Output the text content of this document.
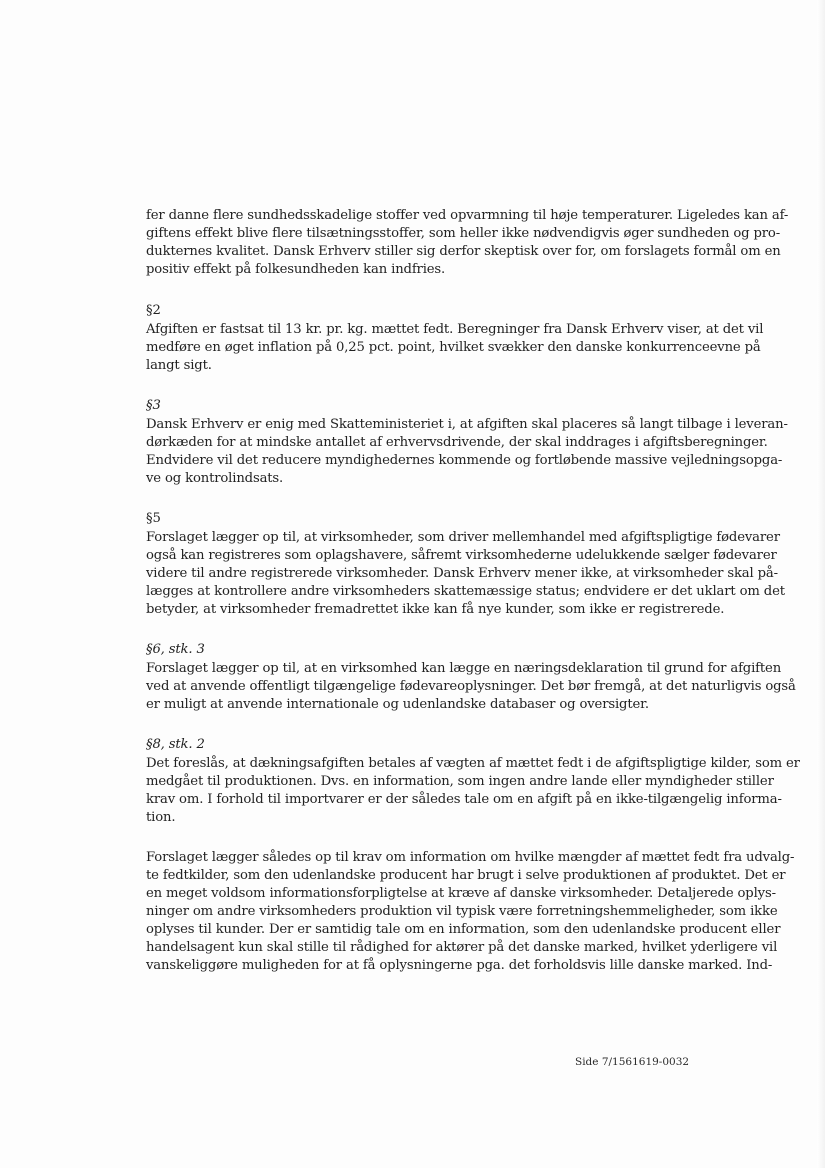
fer danne flere sundhedsskadelige stoffer ved opvarmning til høje temperaturer. Ligeledes kan af-
giftens effekt blive flere tilsætningsstoffer, som heller ikke nødvendigvis øger sundheden og pro-
dukternes kvalitet. Dansk Erhverv stiller sig derfor skeptisk over for, om forslagets formål om en
positiv effekt på folkesundheden kan indfries.
§2
Afgiften er fastsat til 13 kr. pr. kg. mættet fedt. Beregninger fra Dansk Erhverv viser, at det vil
medføre en øget inflation på 0,25 pct. point, hvilket svækker den danske konkurrenceevne på
langt sigt.
§3
Dansk Erhverv er enig med Skatteministeriet i, at afgiften skal placeres så langt tilbage i leveran-
dørkæden for at mindske antallet af erhvervsdrivende, der skal inddrages i afgiftsberegninger.
Endvidere vil det reducere myndighedernes kommende og fortløbende massive vejledningsopga-
ve og kontrolindsats.
§5
Forslaget lægger op til, at virksomheder, som driver mellemhandel med afgiftspligtige fødevarer
også kan registreres som oplagshavere, såfremt virksomhederne udelukkende sælger fødevarer
videre til andre registrerede virksomheder. Dansk Erhverv mener ikke, at virksomheder skal på-
lægges at kontrollere andre virksomheders skattemæssige status; endvidere er det uklart om det
betyder, at virksomheder fremadrettet ikke kan få nye kunder, som ikke er registrerede.
§6, stk. 3
Forslaget lægger op til, at en virksomhed kan lægge en næringsdeklaration til grund for afgiften
ved at anvende offentligt tilgængelige fødevareoplysninger. Det bør fremgå, at det naturligvis også
er muligt at anvende internationale og udenlandske databaser og oversigter.
§8, stk. 2
Det foreslås, at dækningsafgiften betales af vægten af mættet fedt i de afgiftspligtige kilder, som er
medgået til produktionen. Dvs. en information, som ingen andre lande eller myndigheder stiller
krav om. I forhold til importvarer er der således tale om en afgift på en ikke-tilgængelig informa-
tion.
Forslaget lægger således op til krav om information om hvilke mængder af mættet fedt fra udvalg-
te fedtkilder, som den udenlandske producent har brugt i selve produktionen af produktet. Det er
en meget voldsom informationsforpligtelse at kræve af danske virksomheder. Detaljerede oplys-
ninger om andre virksomheders produktion vil typisk være forretningshemmeligheder, som ikke
oplyses til kunder. Der er samtidig tale om en information, som den udenlandske producent eller
handelsagent kun skal stille til rådighed for aktører på det danske marked, hvilket yderligere vil
vanskeliggøre muligheden for at få oplysningerne pga. det forholdsvis lille danske marked. Ind-
Side 7/1561619-0032
